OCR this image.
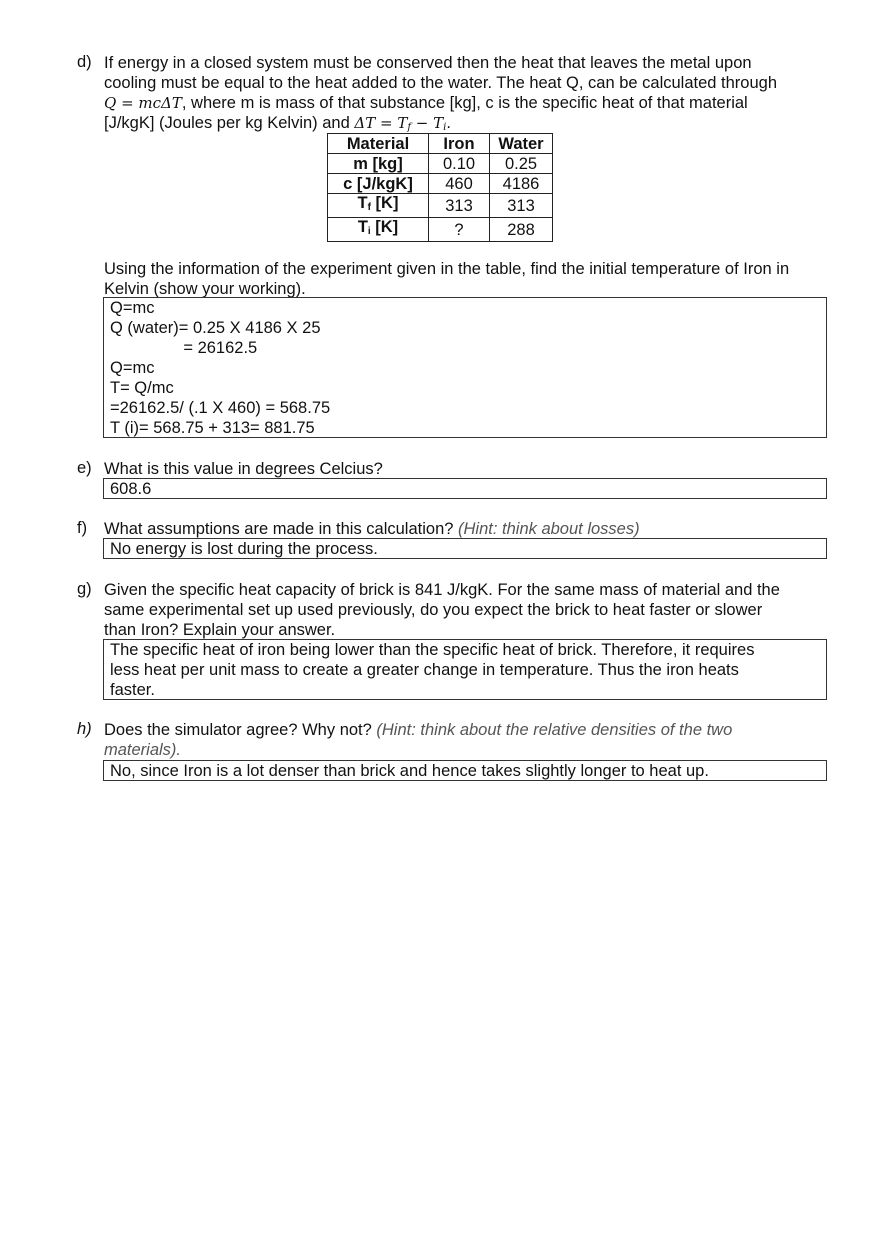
d) If energy in a closed system must be conserved then the heat that leaves the metal upon
cooling must be equal to the heat added to the water. The heat Q, can be calculated through
Q = mcΔT, where m is mass of that substance [kg], c is the specific heat of that material
[J/kgK] (Joules per kg Kelvin) and $\Delta T = T_f - T_i$.
Material	Iron	Water
m [kg]	0.10	0.25
c [J/kgK]	460	4186
$T_f$ [K]	313	313
$T_i$ [K]	?	288
Using the information of the experiment given in the table, find the initial temperature of Iron in
Kelvin (show your working).
Q=mc
Q (water)= 0.25 X 4186 X 25
= 26162.5
Q=mc
T= Q/mc
=26162.5/ (.1 X 460) = 568.75
T (i)= 568.75 + 313= 881.75
e) What is this value in degrees Celcius?
608.6
f)	What assumptions are made in this calculation? (Hint: think about losses)
No energy is lost during the process.
g) Given the specific heat capacity of brick is 841 J/kgK. For the same mass of material and the
same experimental set up used previously, do you expect the brick to heat faster or slower
than Iron? Explain your answer.
The specific heat of iron being lower than the specific heat of brick. Therefore, it requires
less heat per unit mass to create a greater change in temperature. Thus the iron heats
faster.
h) Does the simulator agree? Why not? (Hint: think about the relative densities of the two
materials).
No, since Iron is a lot denser than brick and hence takes slightly longer to heat up.
